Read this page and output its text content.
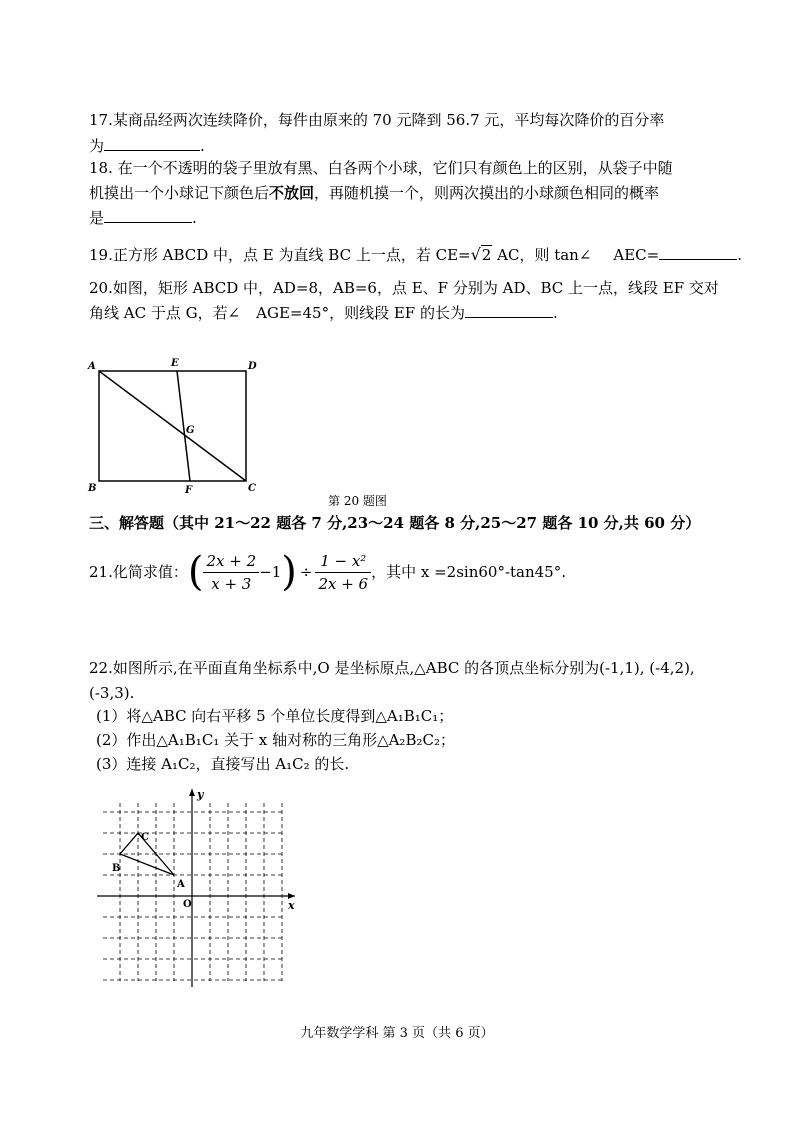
17.某商品经两次连续降价，每件由原来的 70 元降到 56.7 元，平均每次降价的百分率
为	.
18. 在一个不透明的袋子里放有黑、白各两个小球，它们只有颜色上的区别，从袋子中随
机摸出一个小球记下颜色后不放回，再随机摸一个，则两次摸出的小球颜色相同的概率
是	.
19.正方形 ABCD 中，点 E 为直线 BC 上一点，若 CE=√2 AC，则 tan∠ AEC=	.
20.如图，矩形 ABCD 中，AD=8，AB=6，点 E、F 分别为 AD、BC 上一点，线段 EF 交对
角线 AC 于点 G，若∠ AGE=45°，则线段 EF 的长为	.
A	E	D
G
B	F	C
第 20 题图
三、解答题（其中 21～22 题各 7 分,23～24 题各 8 分,25～27 题各 10 分,共 60 分）
21.化简求值： ( $\frac{2x + 2}{x + 3} -1$ ) ÷ $\frac{\text{1 − x²}}{2x + 6}$ ，其中 x =2sin60°-tan45°.
22.如图所示,在平面直角坐标系中,O 是坐标原点,△ABC 的各顶点坐标分别为(-1,1), (-4,2),
(-3,3).
(1）将△ABC 向右平移 5 个单位长度得到△A₁B₁C₁；
(2）作出△A₁B₁C₁ 关于 x 轴对称的三角形△A₂B₂C₂；
(3）连接 A₁C₂，直接写出 A₁C₂ 的长.
y
x
O
A
B
C
九年数学学科 第 3 页（共 6 页）
